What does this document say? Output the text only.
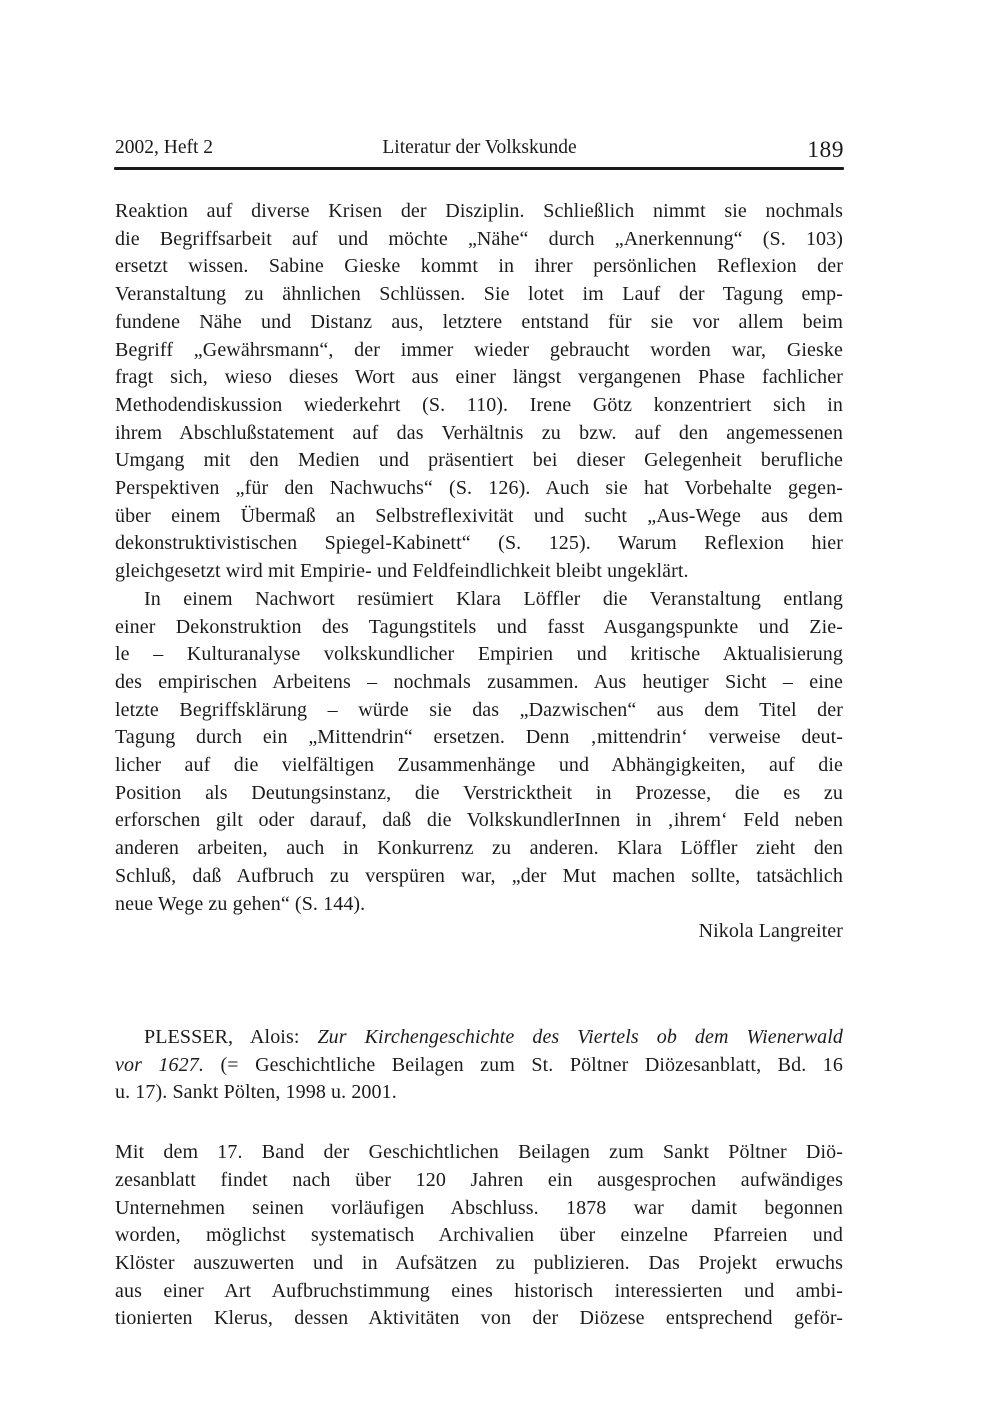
2002, Heft 2	Literatur der Volkskunde	189
Reaktion auf diverse Krisen der Disziplin. Schließlich nimmt sie nochmals
die Begriffsarbeit auf und möchte „Nähe“ durch „Anerkennung“ (S. 103)
ersetzt wissen. Sabine Gieske kommt in ihrer persönlichen Reflexion der
Veranstaltung zu ähnlichen Schlüssen. Sie lotet im Lauf der Tagung emp-
fundene Nähe und Distanz aus, letztere entstand für sie vor allem beim
Begriff „Gewährsmann“, der immer wieder gebraucht worden war, Gieske
fragt sich, wieso dieses Wort aus einer längst vergangenen Phase fachlicher
Methodendiskussion wiederkehrt (S. 110). Irene Götz konzentriert sich in
ihrem Abschlußstatement auf das Verhältnis zu bzw. auf den angemessenen
Umgang mit den Medien und präsentiert bei dieser Gelegenheit berufliche
Perspektiven „für den Nachwuchs“ (S. 126). Auch sie hat Vorbehalte gegen-
über einem Übermaß an Selbstreflexivität und sucht „Aus-Wege aus dem
dekonstruktivistischen Spiegel-Kabinett“ (S. 125). Warum Reflexion hier
gleichgesetzt wird mit Empirie- und Feldfeindlichkeit bleibt ungeklärt.
In einem Nachwort resümiert Klara Löffler die Veranstaltung entlang
einer Dekonstruktion des Tagungstitels und fasst Ausgangspunkte und Zie-
le – Kulturanalyse volkskundlicher Empirien und kritische Aktualisierung
des empirischen Arbeitens – nochmals zusammen. Aus heutiger Sicht – eine
letzte Begriffsklärung – würde sie das „Dazwischen“ aus dem Titel der
Tagung durch ein „Mittendrin“ ersetzen. Denn ‚mittendrin‘ verweise deut-
licher auf die vielfältigen Zusammenhänge und Abhängigkeiten, auf die
Position als Deutungsinstanz, die Verstricktheit in Prozesse, die es zu
erforschen gilt oder darauf, daß die VolkskundlerInnen in ‚ihrem‘ Feld neben
anderen arbeiten, auch in Konkurrenz zu anderen. Klara Löffler zieht den
Schluß, daß Aufbruch zu verspüren war, „der Mut machen sollte, tatsächlich
neue Wege zu gehen“ (S. 144).
Nikola Langreiter
PLESSER, Alois: Zur Kirchengeschichte des Viertels ob dem Wienerwald
vor 1627. (= Geschichtliche Beilagen zum St. Pöltner Diözesanblatt, Bd. 16
u. 17). Sankt Pölten, 1998 u. 2001.
Mit dem 17. Band der Geschichtlichen Beilagen zum Sankt Pöltner Diö-
zesanblatt findet nach über 120 Jahren ein ausgesprochen aufwändiges
Unternehmen seinen vorläufigen Abschluss. 1878 war damit begonnen
worden, möglichst systematisch Archivalien über einzelne Pfarreien und
Klöster auszuwerten und in Aufsätzen zu publizieren. Das Projekt erwuchs
aus einer Art Aufbruchstimmung eines historisch interessierten und ambi-
tionierten Klerus, dessen Aktivitäten von der Diözese entsprechend geför-
